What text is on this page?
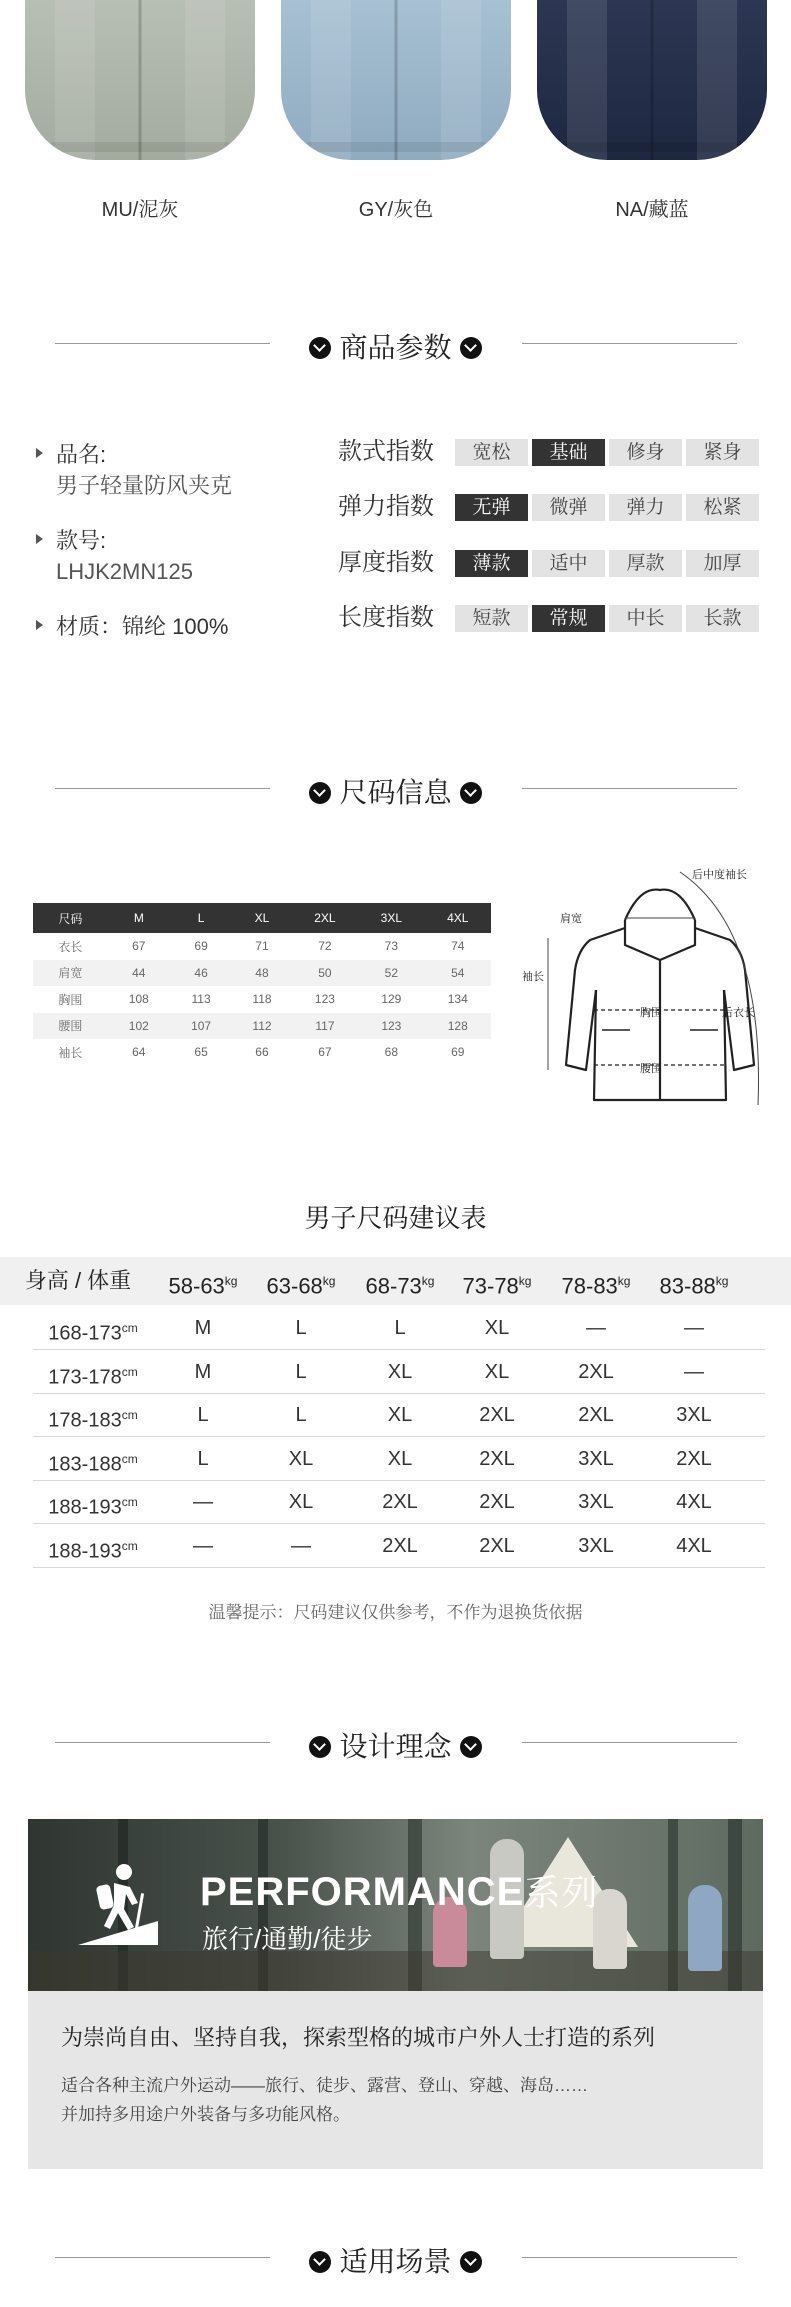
MU/泥灰	GY/灰色	NA/藏蓝
商品参数
品名:
男子轻量防风夹克
款号:
LHJK2MN125
材质：锦纶 100%
款式指数	宽松	基础	修身	紧身
弹力指数	无弹	微弹	弹力	松紧
厚度指数	薄款	适中	厚款	加厚
长度指数	短款	常规	中长	长款
尺码信息
尺码	M	L	XL	2XL	3XL	4XL
衣长	67	69	71	72	73	74
肩宽	44	46	48	50	52	54
胸围	108	113	118	123	129	134
腰围	102	107	112	117	123	128
袖长	64	65	66	67	68	69
后中度袖长
肩宽
袖长
胸围	后衣长
腰围
男子尺码建议表
身高 / 体重	$58-63^{kg}$	$63-68^{kg}$	$68-73^{kg}$	$73-78^{kg}$	$78-83^{kg}$	$83-88^{kg}$
$168-173^{cm}$	M	L	L	XL	—	—
$173-178^{cm}$	M	L	XL	XL	2XL	—
$178-183^{cm}$	L	L	XL	2XL	2XL	3XL
$183-188^{cm}$	L	XL	XL	2XL	3XL	2XL
$188-193^{cm}$	—	XL	2XL	2XL	3XL	4XL
$188-193^{cm}$	—	—	2XL	2XL	3XL	4XL
温馨提示：尺码建议仅供参考，不作为退换货依据
设计理念
PERFORMANCE系列
旅行/通勤/徒步
为崇尚自由、坚持自我，探索型格的城市户外人士打造的系列
适合各种主流户外运动——旅行、徒步、露营、登山、穿越、海岛……
并加持多用途户外装备与多功能风格。
适用场景
